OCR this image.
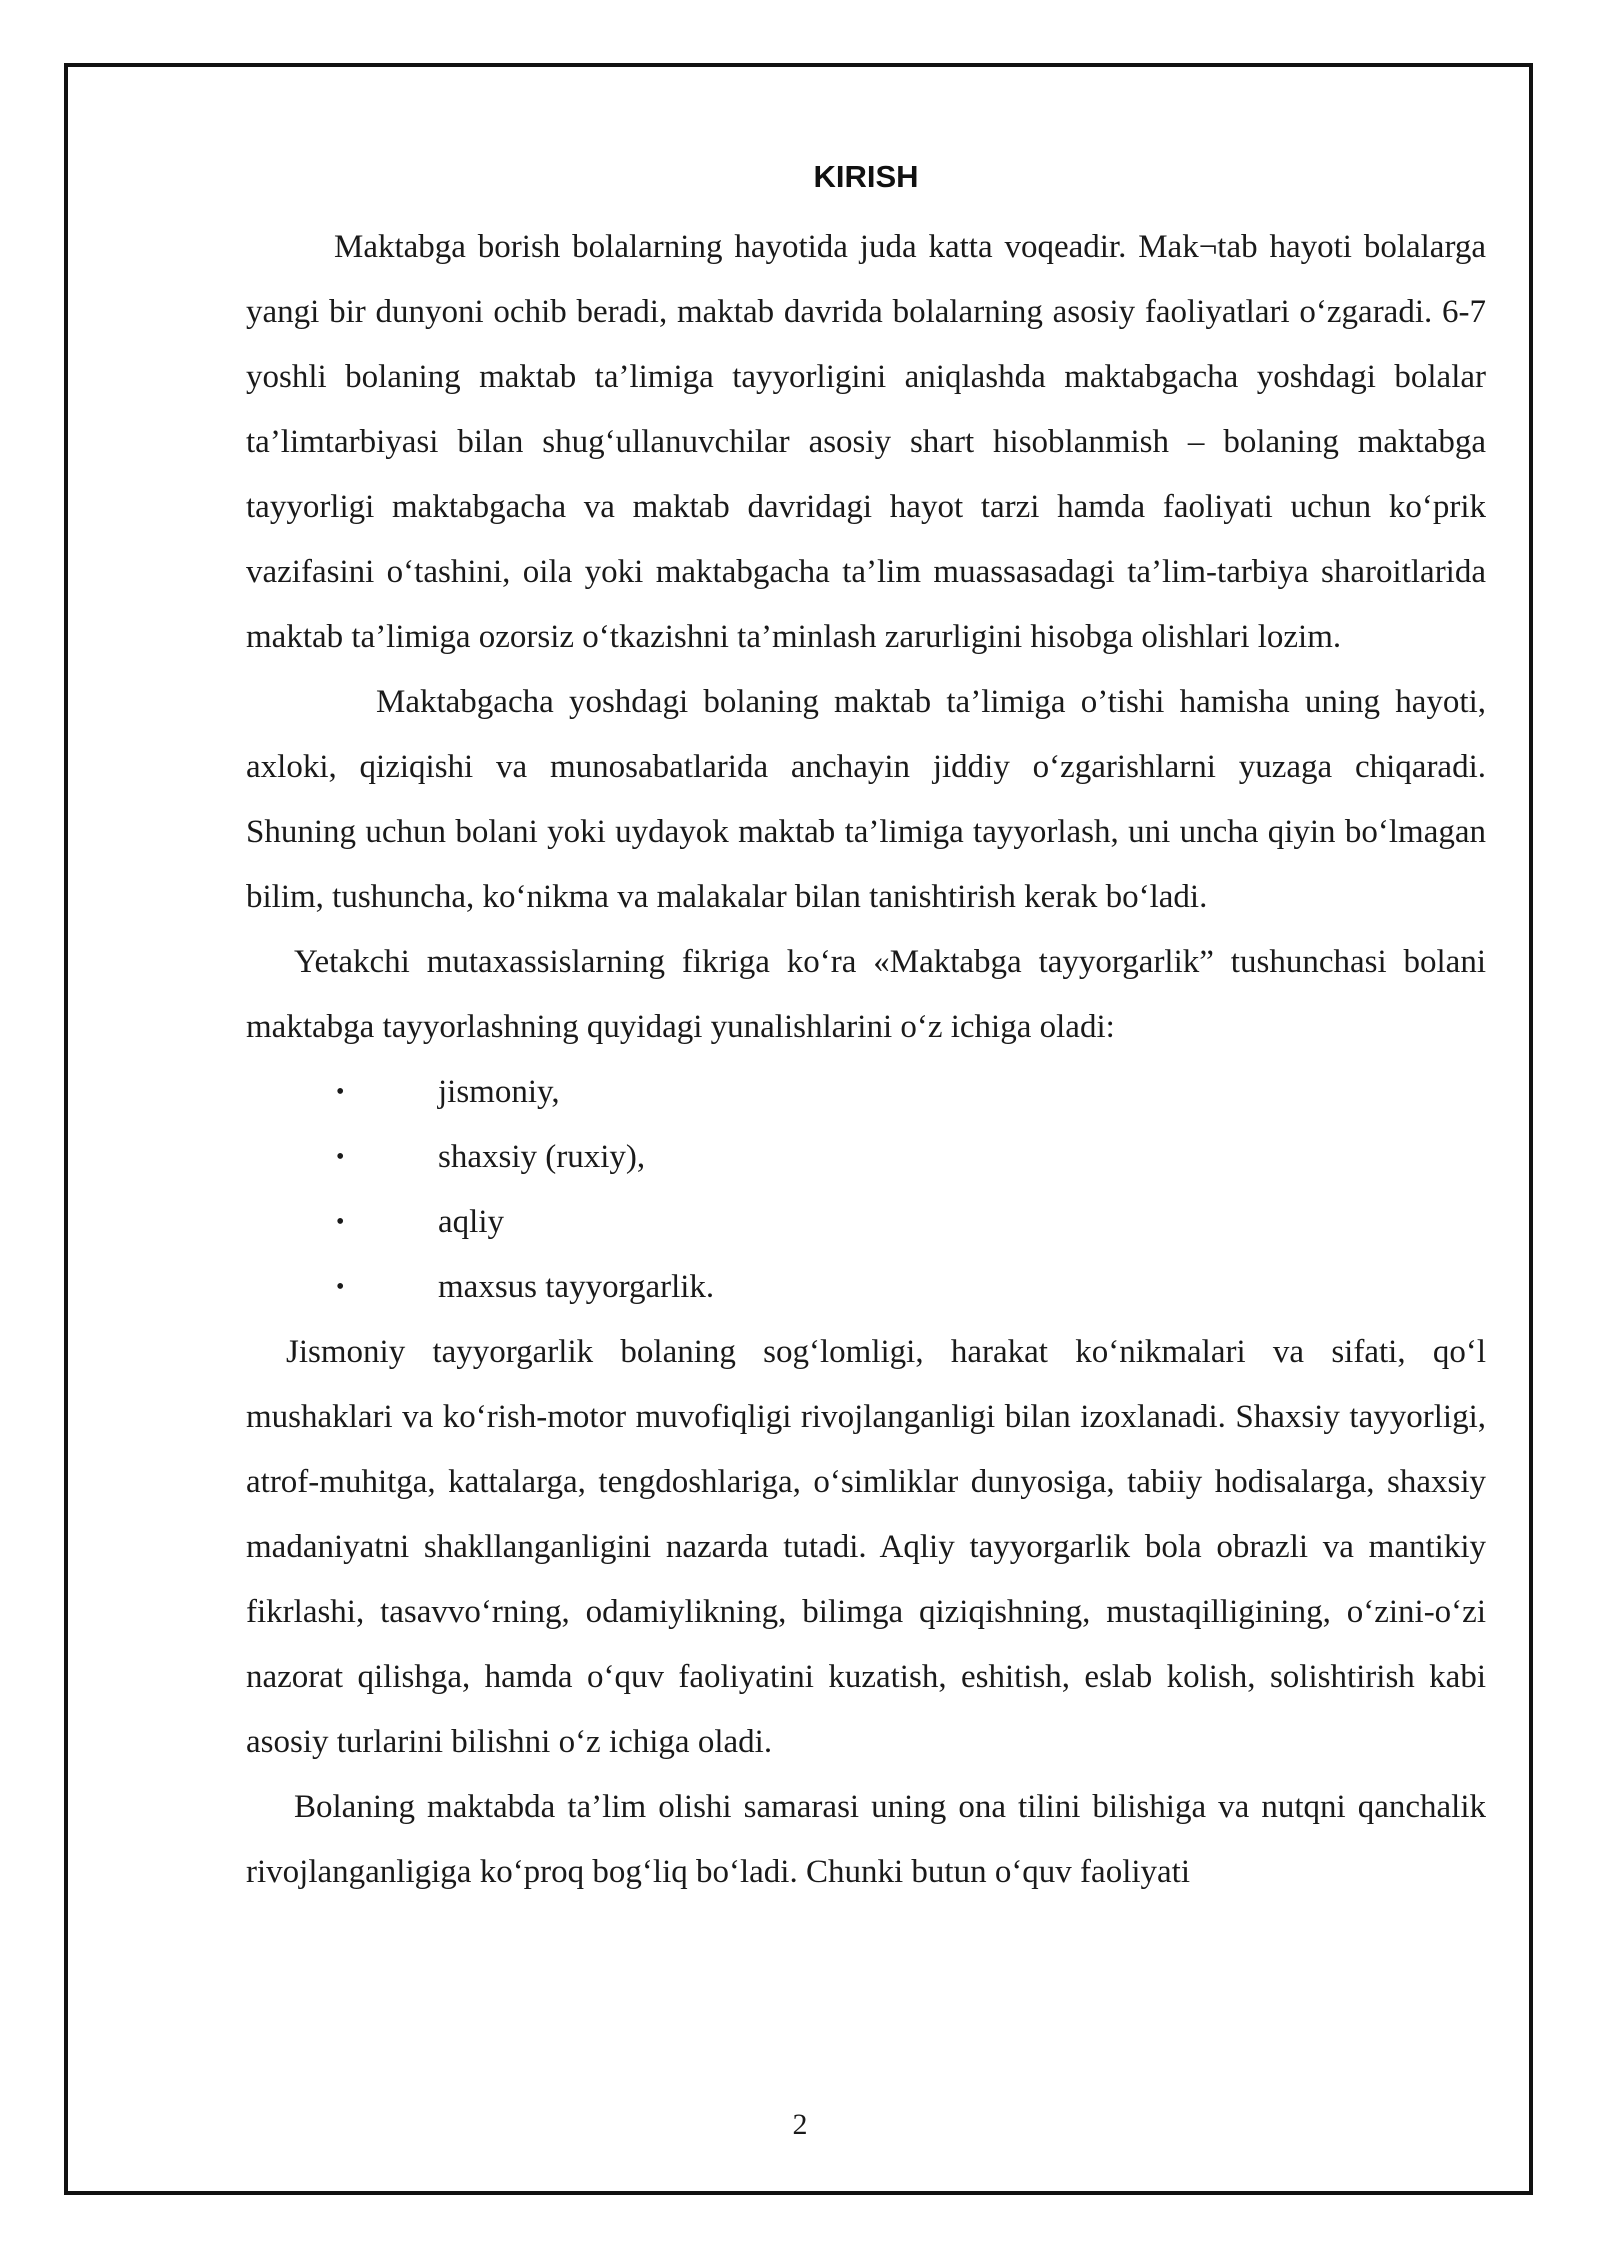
KIRISH

Maktabga borish bolalarning hayotida juda katta voqeadir. Mak¬tab hayoti bolalarga yangi bir dunyoni ochib beradi, maktab davrida bolalarning asosiy faoliyatlari o‘zgaradi. 6-7 yoshli bolaning maktab ta’limiga tayyorligini aniqlashda maktabgacha yoshdagi bolalar ta’limtarbiyasi bilan shug‘ullanuvchilar asosiy shart hisoblanmish – bolaning maktabga tayyorligi maktabgacha va maktab davridagi hayot tarzi hamda faoliyati uchun ko‘prik vazifasini o‘tashini, oila yoki maktabgacha ta’lim muassasadagi ta’lim-tarbiya sharoitlarida maktab ta’limiga ozorsiz o‘tkazishni ta’minlash zarurligini hisobga olishlari lozim.

Maktabgacha yoshdagi bolaning maktab ta’limiga o’tishi hamisha uning hayoti, axloki, qiziqishi va munosabatlarida anchayin jiddiy o‘zgarishlarni yuzaga chiqaradi. Shuning uchun bolani yoki uydayok maktab ta’limiga tayyorlash, uni uncha qiyin bo‘lmagan bilim, tushuncha, ko‘nikma va malakalar bilan tanishtirish kerak bo‘ladi.

Yetakchi mutaxassislarning fikriga ko‘ra «Maktabga tayyorgarlik” tushunchasi bolani maktabga tayyorlashning quyidagi yunalishlarini o‘z ichiga oladi:

•	jismoniy,
•	shaxsiy (ruxiy),
•	aqliy
•	maxsus tayyorgarlik.

Jismoniy tayyorgarlik bolaning sog‘lomligi, harakat ko‘nikmalari va sifati, qo‘l mushaklari va ko‘rish-motor muvofiqligi rivojlanganligi bilan izoxlanadi. Shaxsiy tayyorligi, atrof-muhitga, kattalarga, tengdoshlariga, o‘simliklar dunyosiga, tabiiy hodisalarga, shaxsiy madaniyatni shakllanganligini nazarda tutadi. Aqliy tayyorgarlik bola obrazli va mantikiy fikrlashi, tasavvo‘rning, odamiylikning, bilimga qiziqishning, mustaqilligining, o‘zini-o‘zi nazorat qilishga, hamda o‘quv faoliyatini kuzatish, eshitish, eslab kolish, solishtirish kabi asosiy turlarini bilishni o‘z ichiga oladi.

Bolaning maktabda ta’lim olishi samarasi uning ona tilini bilishiga va nutqni qanchalik rivojlanganligiga ko‘proq bog‘liq bo‘ladi. Chunki butun o‘quv faoliyati

2
